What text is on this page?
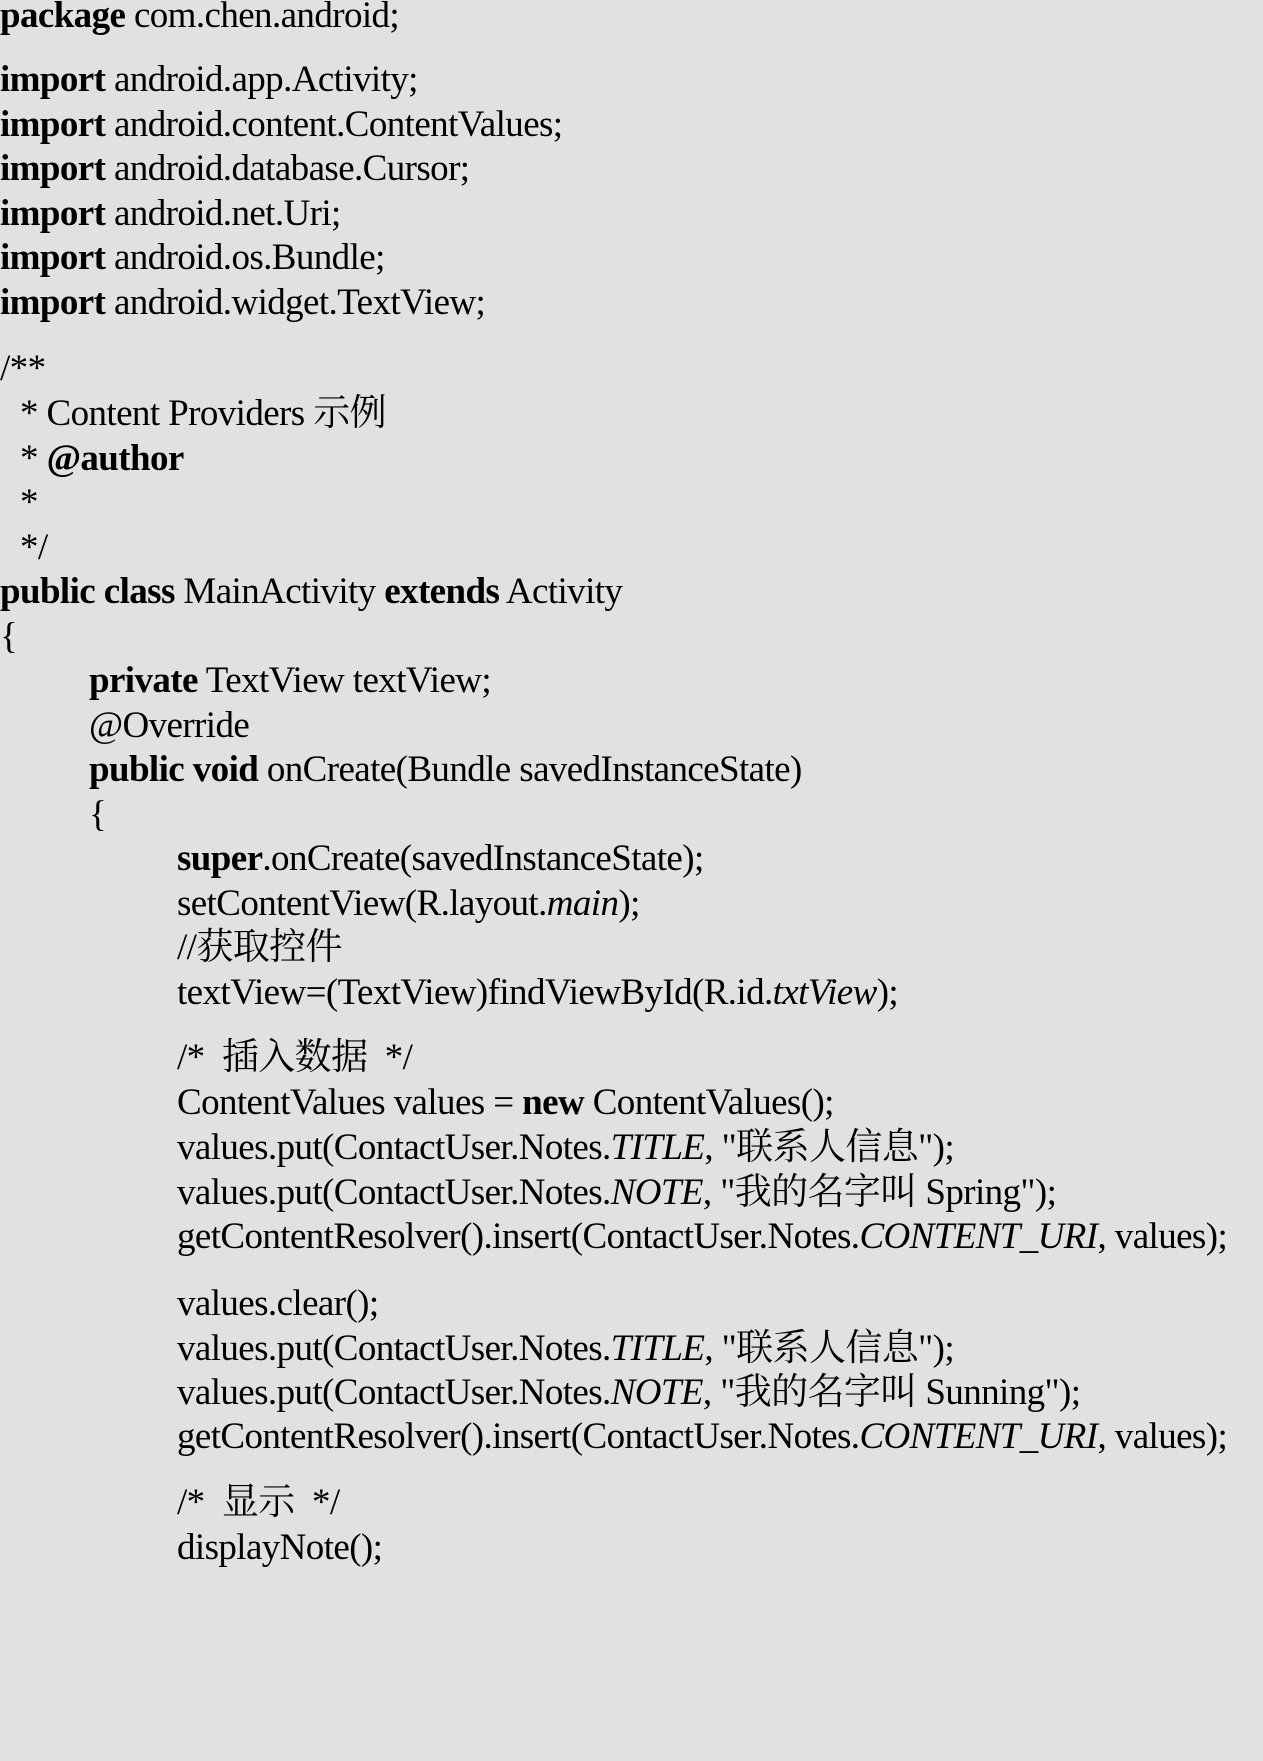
package com.chen.android;
import android.app.Activity;
import android.content.ContentValues;
import android.database.Cursor;
import android.net.Uri;
import android.os.Bundle;
import android.widget.TextView;
/**
* Content Providers 示例
* @author
*
*/
public class MainActivity extends Activity
{
private TextView textView;
@Override
public void onCreate(Bundle savedInstanceState)
{
super.onCreate(savedInstanceState);
setContentView(R.layout.main);
//获取控件
textView=(TextView)findViewById(R.id.txtView);
/*  插入数据  */
ContentValues values = new ContentValues();
values.put(ContactUser.Notes.TITLE, "联系人信息");
values.put(ContactUser.Notes.NOTE, "我的名字叫 Spring");
getContentResolver().insert(ContactUser.Notes.CONTENT_URI, values);
values.clear();
values.put(ContactUser.Notes.TITLE, "联系人信息");
values.put(ContactUser.Notes.NOTE, "我的名字叫 Sunning");
getContentResolver().insert(ContactUser.Notes.CONTENT_URI, values);
/*  显示  */
displayNote();
